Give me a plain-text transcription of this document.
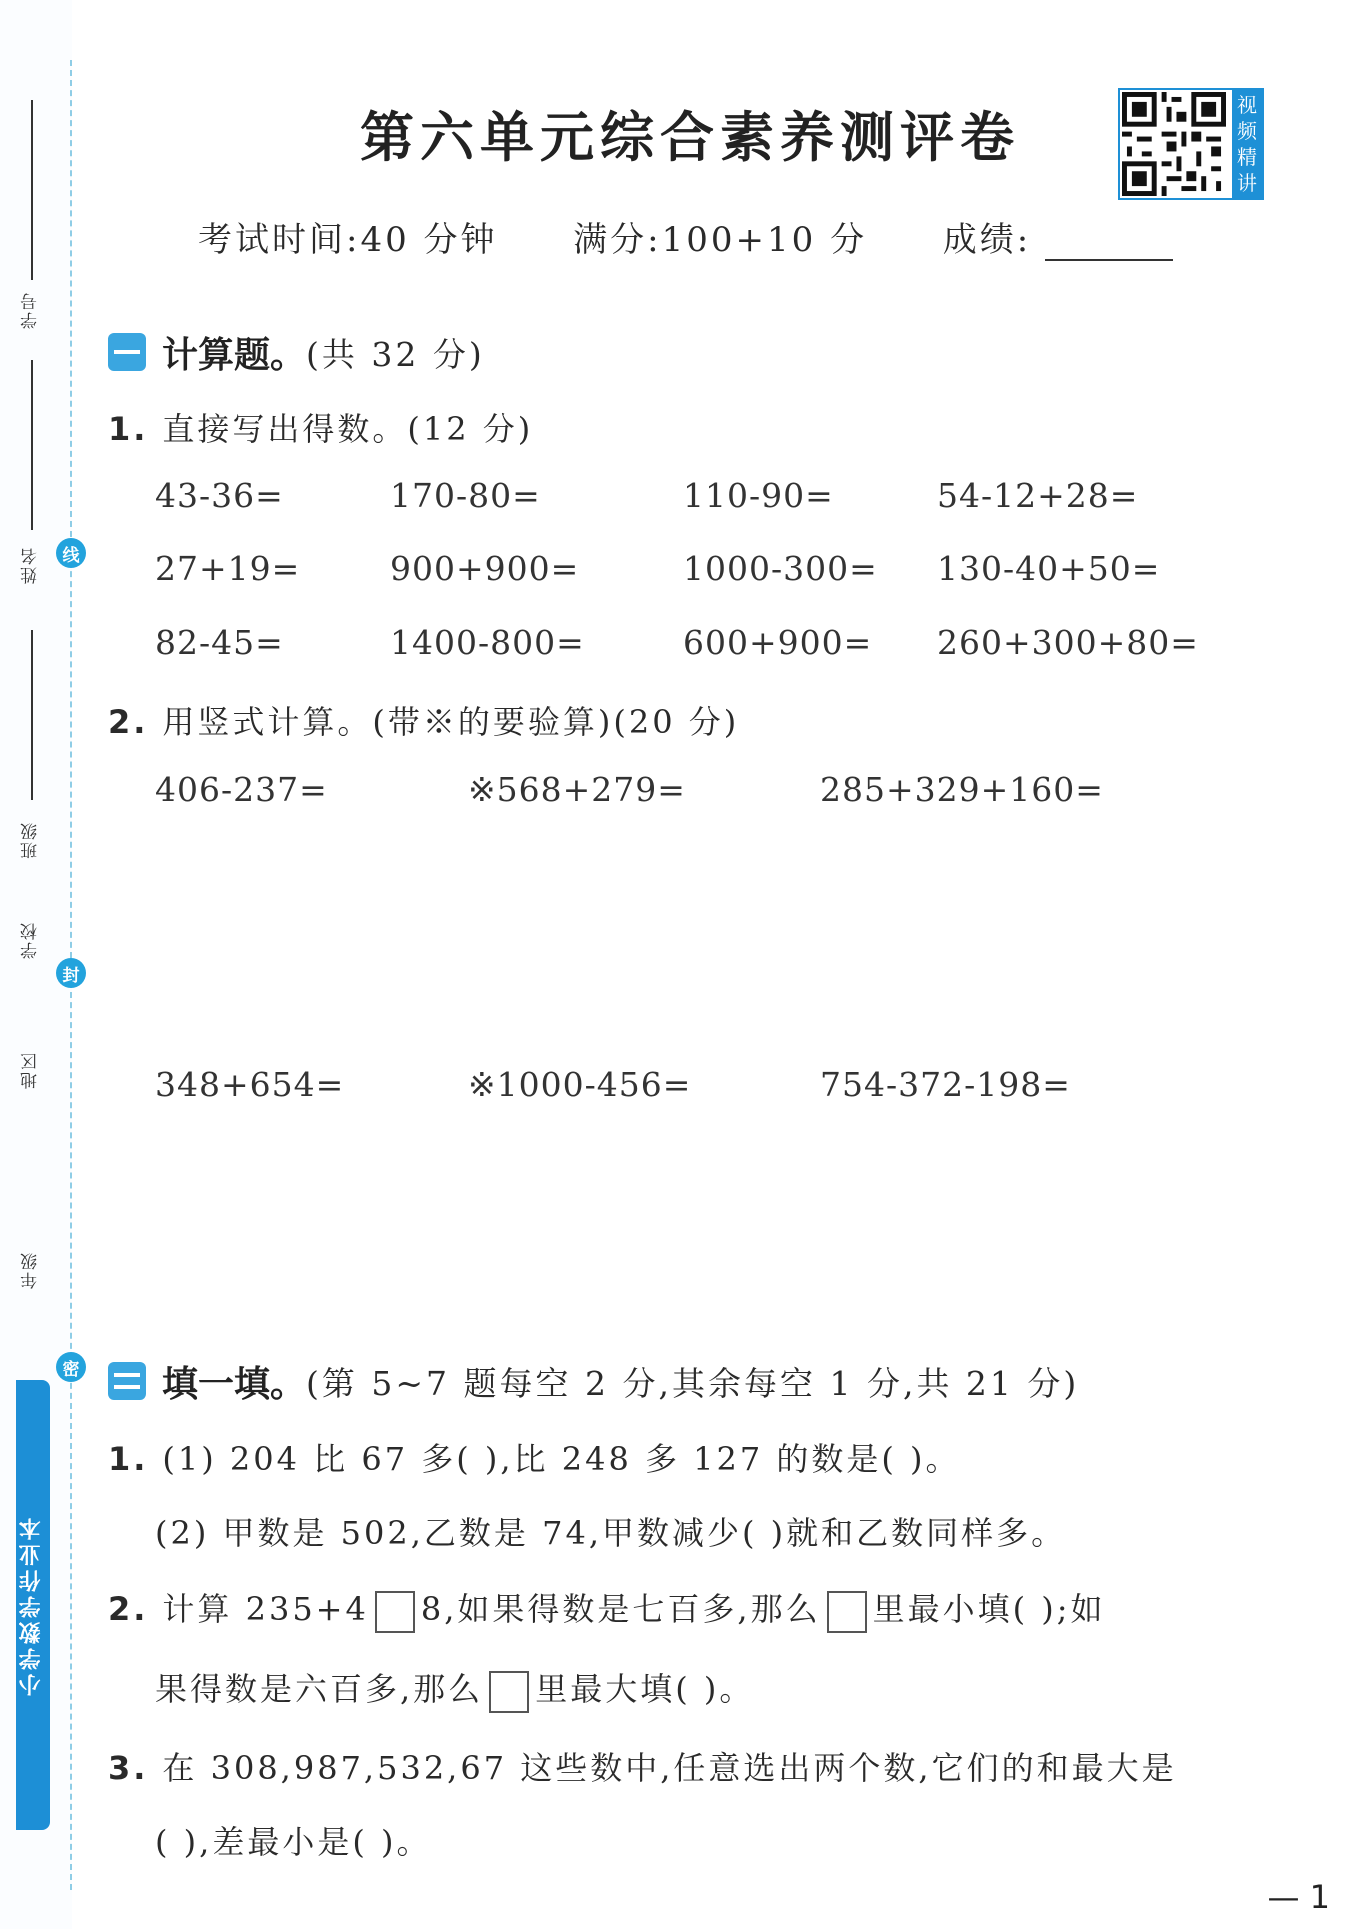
学号
姓名	线
班级
学校
封
地区
年级
密
小学数学作业本
第六单元综合素养测评卷	视频精讲
考试时间:40 分钟 满分:100+10 分 成绩:
计算题。 (共 32 分)
1. 直接写出得数。(12 分)
43-36=	170-80=	110-90=	54-12+28=
27+19=	900+900=	1000-300= 130-40+50=
82-45=	1400-800=	600+900= 260+300+80=
2. 用竖式计算。(带※的要验算)(20 分)
406-237=	※568+279=	285+329+160=
348+654=	※1000-456=	754-372-198=
填一填。 (第 5~7 题每空 2 分,其余每空 1 分,共 21 分)
1. (1) 204 比 67 多( ),比 248 多 127 的数是( )。
(2) 甲数是 502,乙数是 74,甲数减少( )就和乙数同样多。
2. 计算 235+4 8,如果得数是七百多,那么 里最小填( );如
果得数是六百多,那么 里最大填( )。
3. 在 308,987,532,67 这些数中,任意选出两个数,它们的和最大是
( ),差最小是( )。
— 1
